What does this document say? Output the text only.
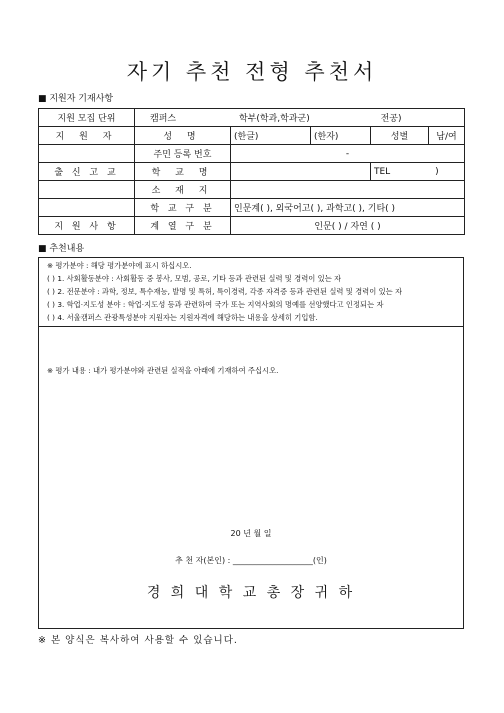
자기 추천 전형 추천서
■ 지원자 기재사항
지원 모집 단위	캠퍼스 학부(학과,학과군) 전공)				
지 원 자	성 명	(한글)	(한자)	성별	남/여
	주민 등록 번호	-			
출 신 고 교	학 교 명			TEL )	
	소 재 지				
	학 교 구 분	인문계( ), 외국어고( ), 과학고( ), 기타( )			
지 원 사 항	계 열 구 분	인문( ) / 자연 ( )			
■ 추천내용
※ 평가분야 : 해당 평가분야에 표시 하십시오.
( ) 1. 사회활동분야 : 사회활동 중 봉사, 모범, 공로, 기타 등과 관련된 실력 및 경력이 있는 자
( ) 2. 전문분야 : 과학, 정보, 특수재능, 발명 및 특허, 특이경력, 각종 자격증 등과 관련된 실력 및 경력이 있는 자
( ) 3. 학업·지도성 분야 : 학업·지도성 등과 관련하여 국가 또는 지역사회의 명예를 선양했다고 인정되는 자
( ) 4. 서울캠퍼스 관광특성분야 지원자는 지원자격에 해당하는 내용을 상세히 기입함.
※ 평가 내용 : 내가 평가분야와 관련된 실적을 아래에 기재하여 주십시오.
20 년 월 일
추 천 자(본인) : ____________________(인)
경 희 대 학 교 총 장 귀 하
※ 본 양식은 복사하여 사용할 수 있습니다.
